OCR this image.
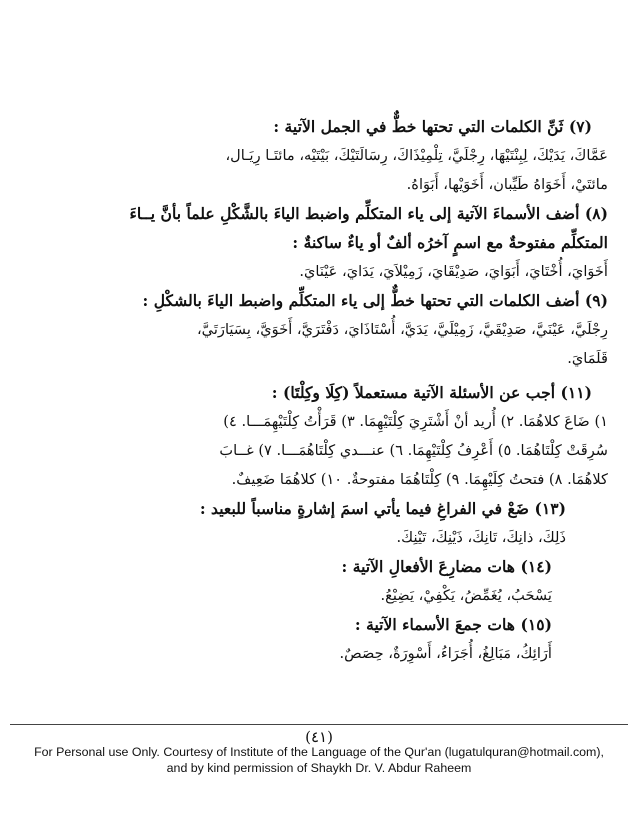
(٧) ثَنِّ الكلمات التي تحتها خطٌّ في الجمل الآتية :

عَمَّاكَ، يَدَيْكَ، لِبِنْتَيْهَا، رِجْلَيَّ، تِلْمِيْذَاكَ، رِسَالَتَيْكَ، بَيْتَيْه، مائتَـا رِيَـال،

مائتَيْ، أَخَوَاهُ طَيِّبان، أَخَوَيْها، أَبَوَاهُ.

(٨) أضف الأسماءَ الآتية إلى ياء المتكلِّم واضبط الياءَ بالشَّكْلِ علماً بأنَّ يــاءَ

المتكلِّم مفتوحةٌ مع اسمٍ آخرُه ألفٌ أو ياءٌ ساكنةٌ :

أَخَوَايَ، أُخْتَايَ، أَبَوَايَ، صَدِيْقَايَ، زَمِيْلاَيَ، يَدَايَ، عَيْنَايَ.

(٩) أضف الكلمات التي تحتها خطٌّ إلى ياء المتكلِّم واضبط الياءَ بالشكْلِ :

رِجْلَيَّ، عَيْنَيَّ، صَدِيْقَيَّ، زَمِيْلَيَّ، يَدَيَّ، أُسْتَاذَايَ، دَفْتَرَيَّ، أَخَوَيَّ، بِسَيَارَتَيَّ،

قَلَمَايَ.

(١١) أجب عن الأسئلة الآتية مستعملاً (كِلَا وكِلْتَا) :

١) ضَاعَ كلاهُمَا. ٢) أُريد أنْ أَشْتَرِيَ كِلْتَيْهِمَا. ٣) قَرَأْتُ كِلْتَيْهِمَـــا. ٤)

سُرِقَتْ كِلْتَاهُمَا. ٥) أَعْرِفُ كِلْتَيْهِمَا. ٦) عنـــدي كِلْتَاهُمَـــا. ٧) غــابَ

كلاهُمَا. ٨) فتحتُ كِلَيْهِمَا. ٩) كِلْتَاهُمَا مفتوحةٌ. ١٠) كلاهُمَا ضَعِيفٌ.

(١٣) ضَعْ في الفراغِ فيما يأتي اسمَ إشارةٍ مناسباً للبعيد :

ذَلِكَ، ذانِكَ، تَانِكَ، ذَيْنِكَ، تَيْنِكَ.

(١٤) هات مضارِعَ الأفعالِ الآتية :

يَسْحَبُ، يُغَمِّضُ، يَكْفِيْ، يَضِيْعُ.

(١٥) هات جمعَ الأسماء الآتية :

أَرَائِكُ، مَبَالِغُ، أُجَرَاءُ، أَسْوِرَةٌ، حِصَصٌ.

(٤١)
For Personal use Only. Courtesy of Institute of the Language of the Qur'an (lugatulquran@hotmail.com),
and by kind permission of Shaykh Dr. V. Abdur Raheem
